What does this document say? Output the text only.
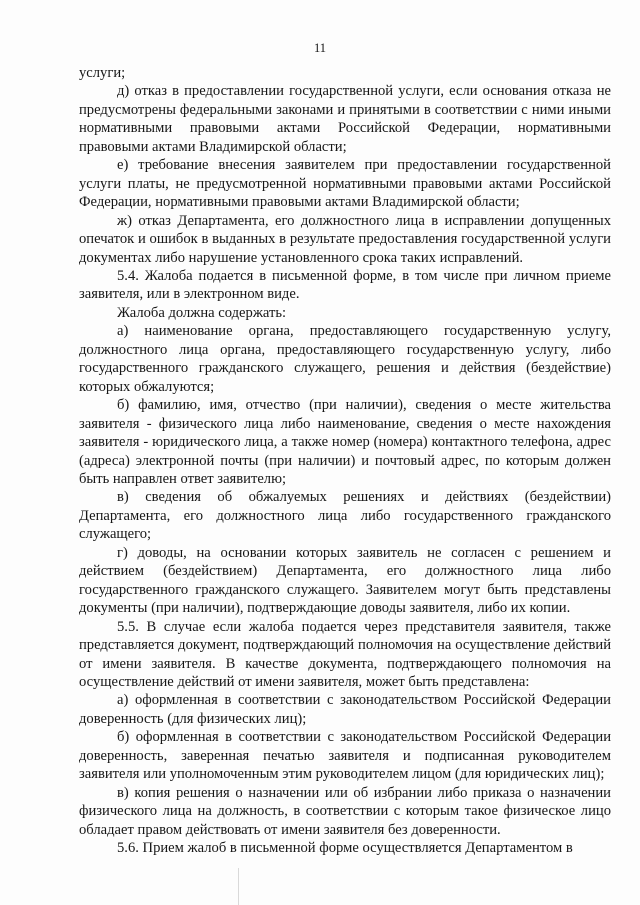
11

услуги;

д) отказ в предоставлении государственной услуги, если основания отказа не предусмотрены федеральными законами и принятыми в соответствии с ними иными нормативными правовыми актами Российской Федерации, нормативными правовыми актами Владимирской области;

е) требование внесения заявителем при предоставлении государственной услуги платы, не предусмотренной нормативными правовыми актами Российской Федерации, нормативными правовыми актами Владимирской области;

ж) отказ Департамента, его должностного лица в исправлении допущенных опечаток и ошибок в выданных в результате предоставления государственной услуги документах либо нарушение установленного срока таких исправлений.

5.4. Жалоба подается в письменной форме, в том числе при личном приеме заявителя, или в электронном виде.

Жалоба должна содержать:

а) наименование органа, предоставляющего государственную услугу, должностного лица органа, предоставляющего государственную услугу, либо государственного гражданского служащего, решения и действия (бездействие) которых обжалуются;

б) фамилию, имя, отчество (при наличии), сведения о месте жительства заявителя - физического лица либо наименование, сведения о месте нахождения заявителя - юридического лица, а также номер (номера) контактного телефона, адрес (адреса) электронной почты (при наличии) и почтовый адрес, по которым должен быть направлен ответ заявителю;

в) сведения об обжалуемых решениях и действиях (бездействии) Департамента, его должностного лица либо государственного гражданского служащего;

г) доводы, на основании которых заявитель не согласен с решением и действием (бездействием) Департамента, его должностного лица либо государственного гражданского служащего. Заявителем могут быть представлены документы (при наличии), подтверждающие доводы заявителя, либо их копии.

5.5. В случае если жалоба подается через представителя заявителя, также представляется документ, подтверждающий полномочия на осуществление действий от имени заявителя. В качестве документа, подтверждающего полномочия на осуществление действий от имени заявителя, может быть представлена:

а) оформленная в соответствии с законодательством Российской Федерации доверенность (для физических лиц);

б) оформленная в соответствии с законодательством Российской Федерации доверенность, заверенная печатью заявителя и подписанная руководителем заявителя или уполномоченным этим руководителем лицом (для юридических лиц);

в) копия решения о назначении или об избрании либо приказа о назначении физического лица на должность, в соответствии с которым такое физическое лицо обладает правом действовать от имени заявителя без доверенности.

5.6. Прием жалоб в письменной форме осуществляется Департаментом в
